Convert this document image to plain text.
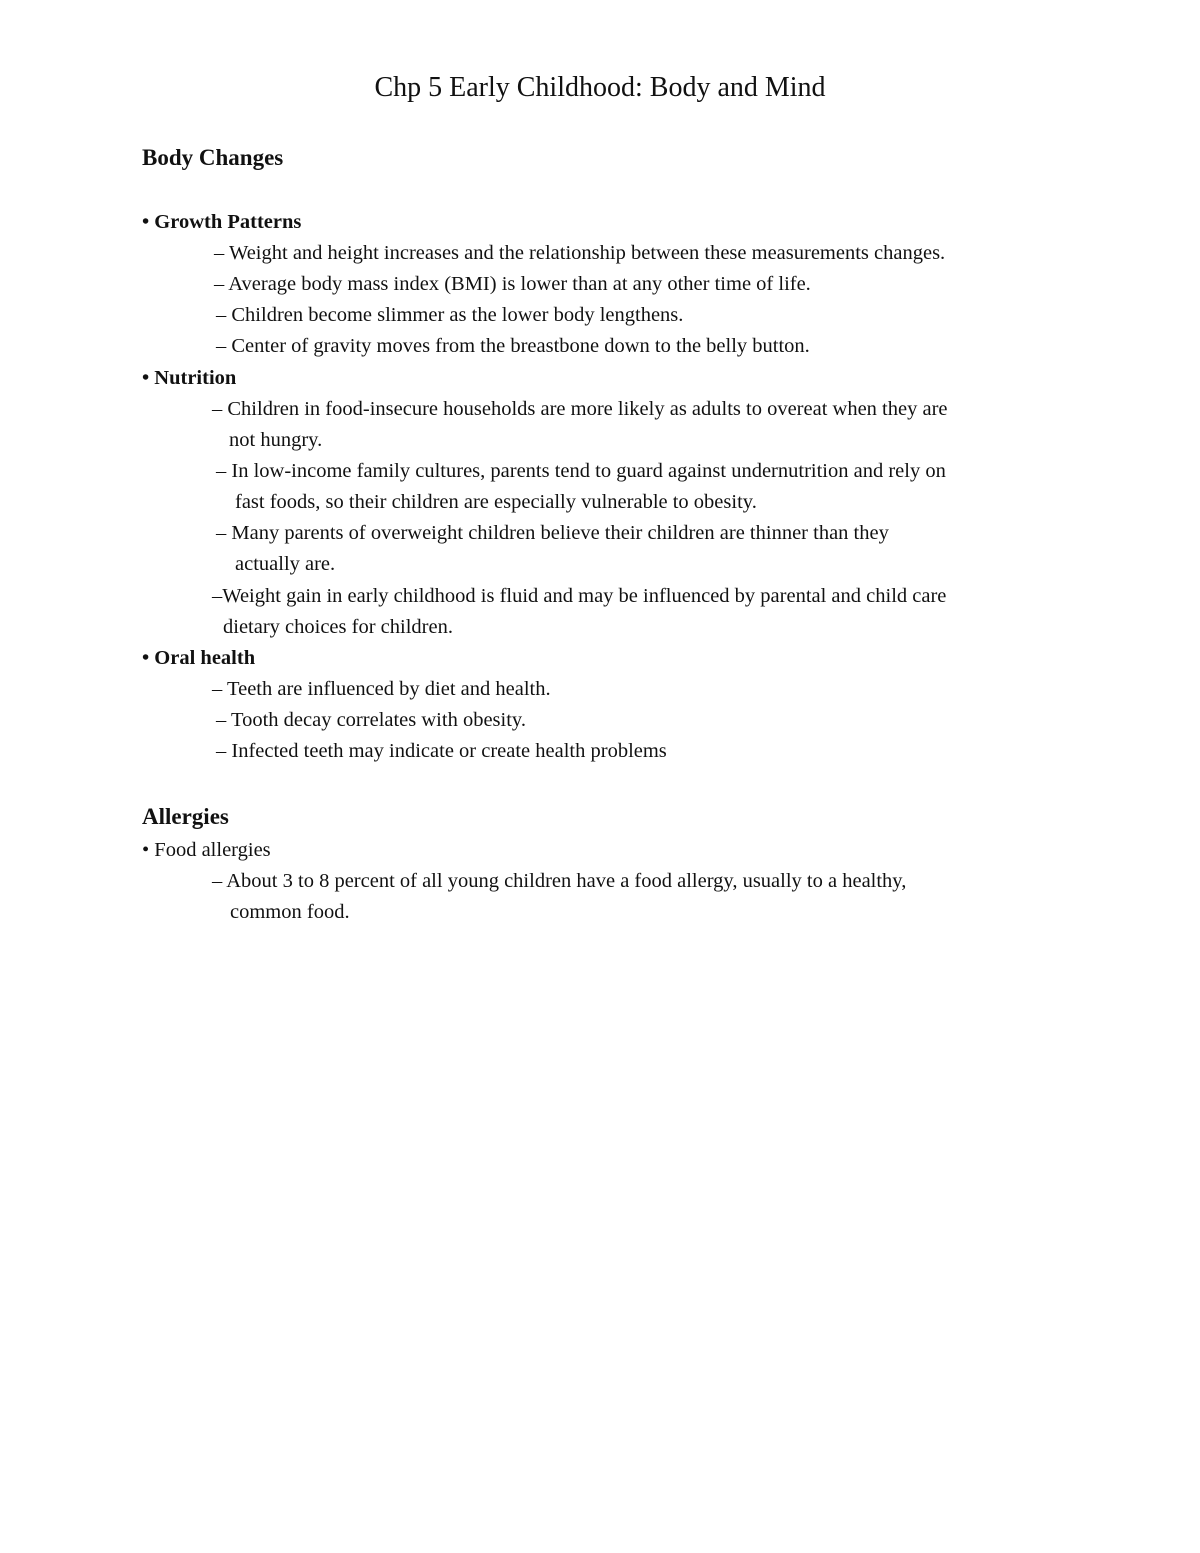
Chp 5 Early Childhood: Body and Mind
Body Changes
• Growth Patterns
– Weight and height increases and the relationship between these measurements changes.
– Average body mass index (BMI) is lower than at any other time of life.
– Children become slimmer as the lower body lengthens.
– Center of gravity moves from the breastbone down to the belly button.
• Nutrition
– Children in food-insecure households are more likely as adults to overeat when they are
not hungry.
– In low-income family cultures, parents tend to guard against undernutrition and rely on
fast foods, so their children are especially vulnerable to obesity.
– Many parents of overweight children believe their children are thinner than they
actually are.
–Weight gain in early childhood is fluid and may be influenced by parental and child care
dietary choices for children.
• Oral health
– Teeth are influenced by diet and health.
– Tooth decay correlates with obesity.
– Infected teeth may indicate or create health problems
Allergies
• Food allergies
– About 3 to 8 percent of all young children have a food allergy, usually to a healthy,
common food.
